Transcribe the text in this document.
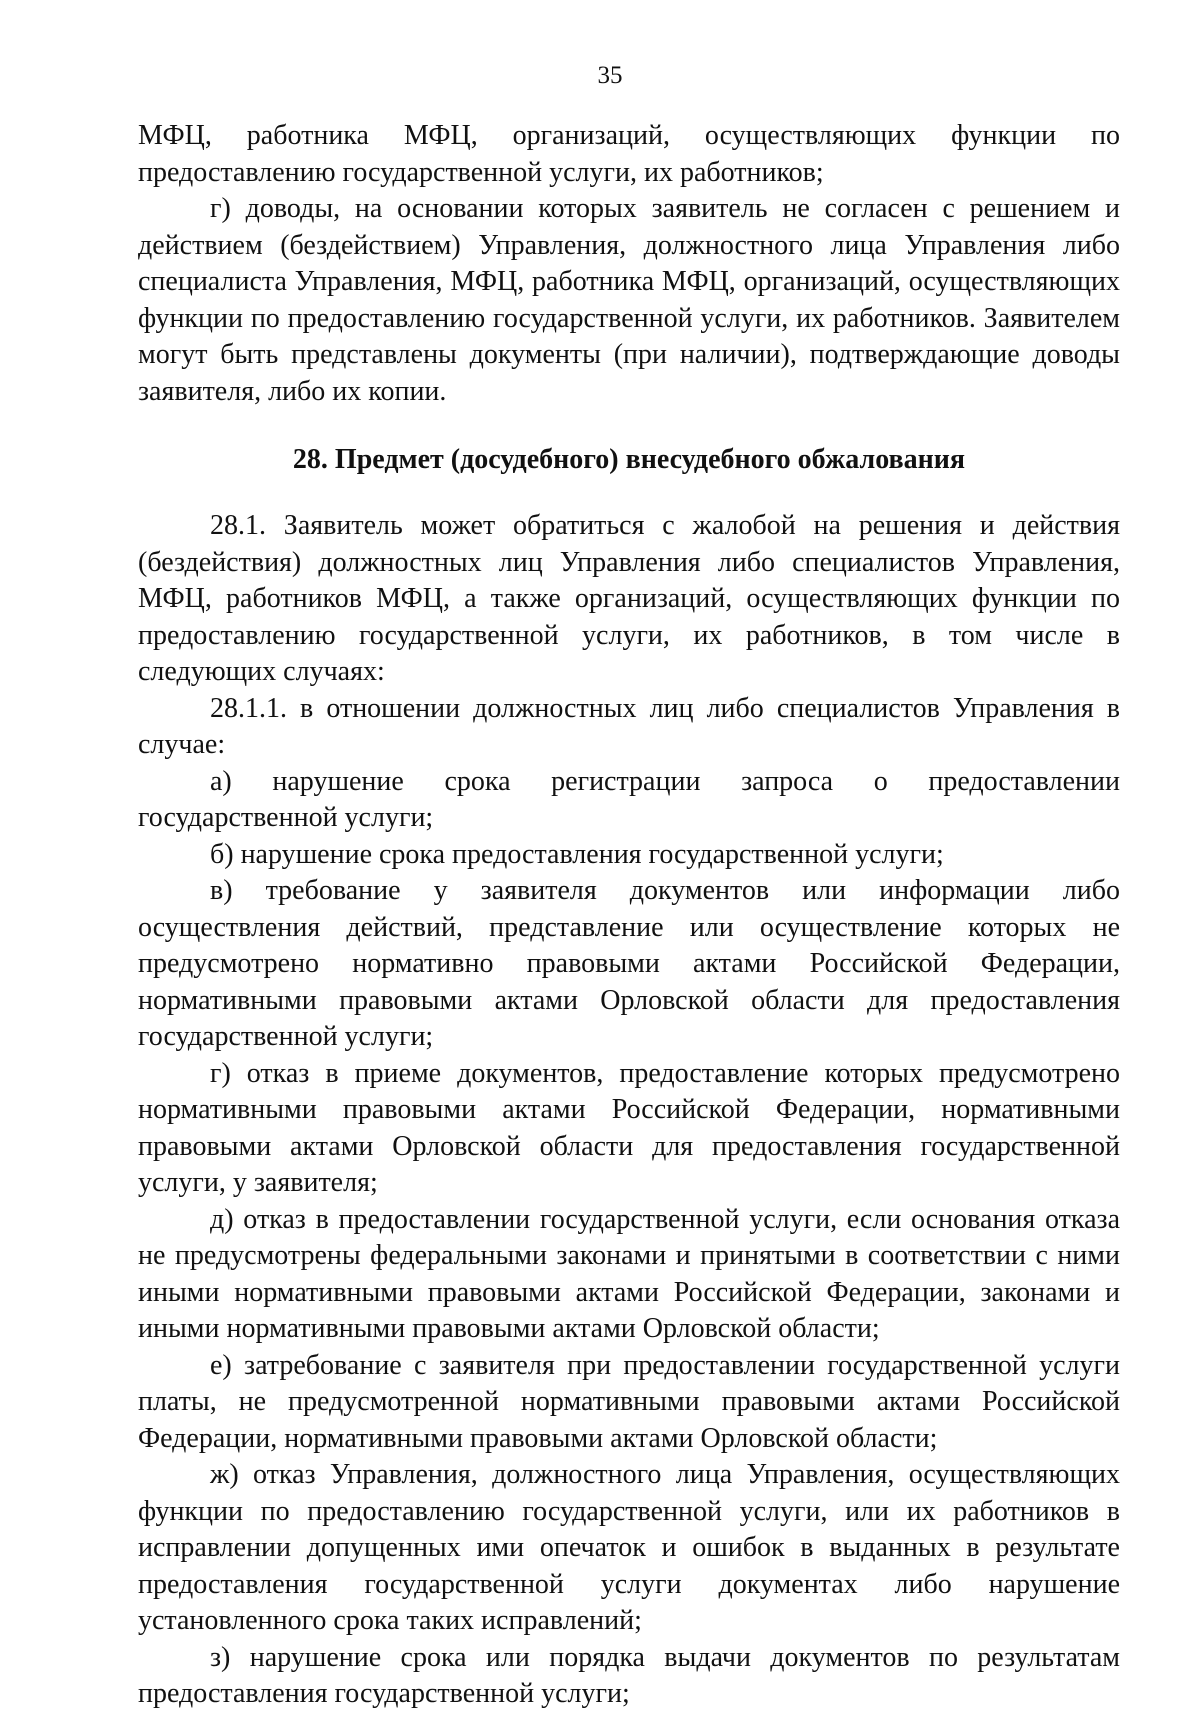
35

МФЦ, работника МФЦ, организаций, осуществляющих функции по предоставлению государственной услуги, их работников;

г) доводы, на основании которых заявитель не согласен с решением и действием (бездействием) Управления, должностного лица Управления либо специалиста Управления, МФЦ, работника МФЦ, организаций, осуществляющих функции по предоставлению государственной услуги, их работников. Заявителем могут быть представлены документы (при наличии), подтверждающие доводы заявителя, либо их копии.

28. Предмет (досудебного) внесудебного обжалования

28.1. Заявитель может обратиться с жалобой на решения и действия (бездействия) должностных лиц Управления либо специалистов Управления, МФЦ, работников МФЦ, а также организаций, осуществляющих функции по предоставлению государственной услуги, их работников, в том числе в следующих случаях:

28.1.1. в отношении должностных лиц либо специалистов Управления в случае:

а) нарушение срока регистрации запроса о предоставлении государственной услуги;

б) нарушение срока предоставления государственной услуги;

в) требование у заявителя документов или информации либо осуществления действий, представление или осуществление которых не предусмотрено нормативно правовыми актами Российской Федерации, нормативными правовыми актами Орловской области для предоставления государственной услуги;

г) отказ в приеме документов, предоставление которых предусмотрено нормативными правовыми актами Российской Федерации, нормативными правовыми актами Орловской области для предоставления государственной услуги, у заявителя;

д) отказ в предоставлении государственной услуги, если основания отказа не предусмотрены федеральными законами и принятыми в соответствии с ними иными нормативными правовыми актами Российской Федерации, законами и иными нормативными правовыми актами Орловской области;

е) затребование с заявителя при предоставлении государственной услуги платы, не предусмотренной нормативными правовыми актами Российской Федерации, нормативными правовыми актами Орловской области;

ж) отказ Управления, должностного лица Управления, осуществляющих функции по предоставлению государственной услуги, или их работников в исправлении допущенных ими опечаток и ошибок в выданных в результате предоставления государственной услуги документах либо нарушение установленного срока таких исправлений;

з) нарушение срока или порядка выдачи документов по результатам предоставления государственной услуги;
